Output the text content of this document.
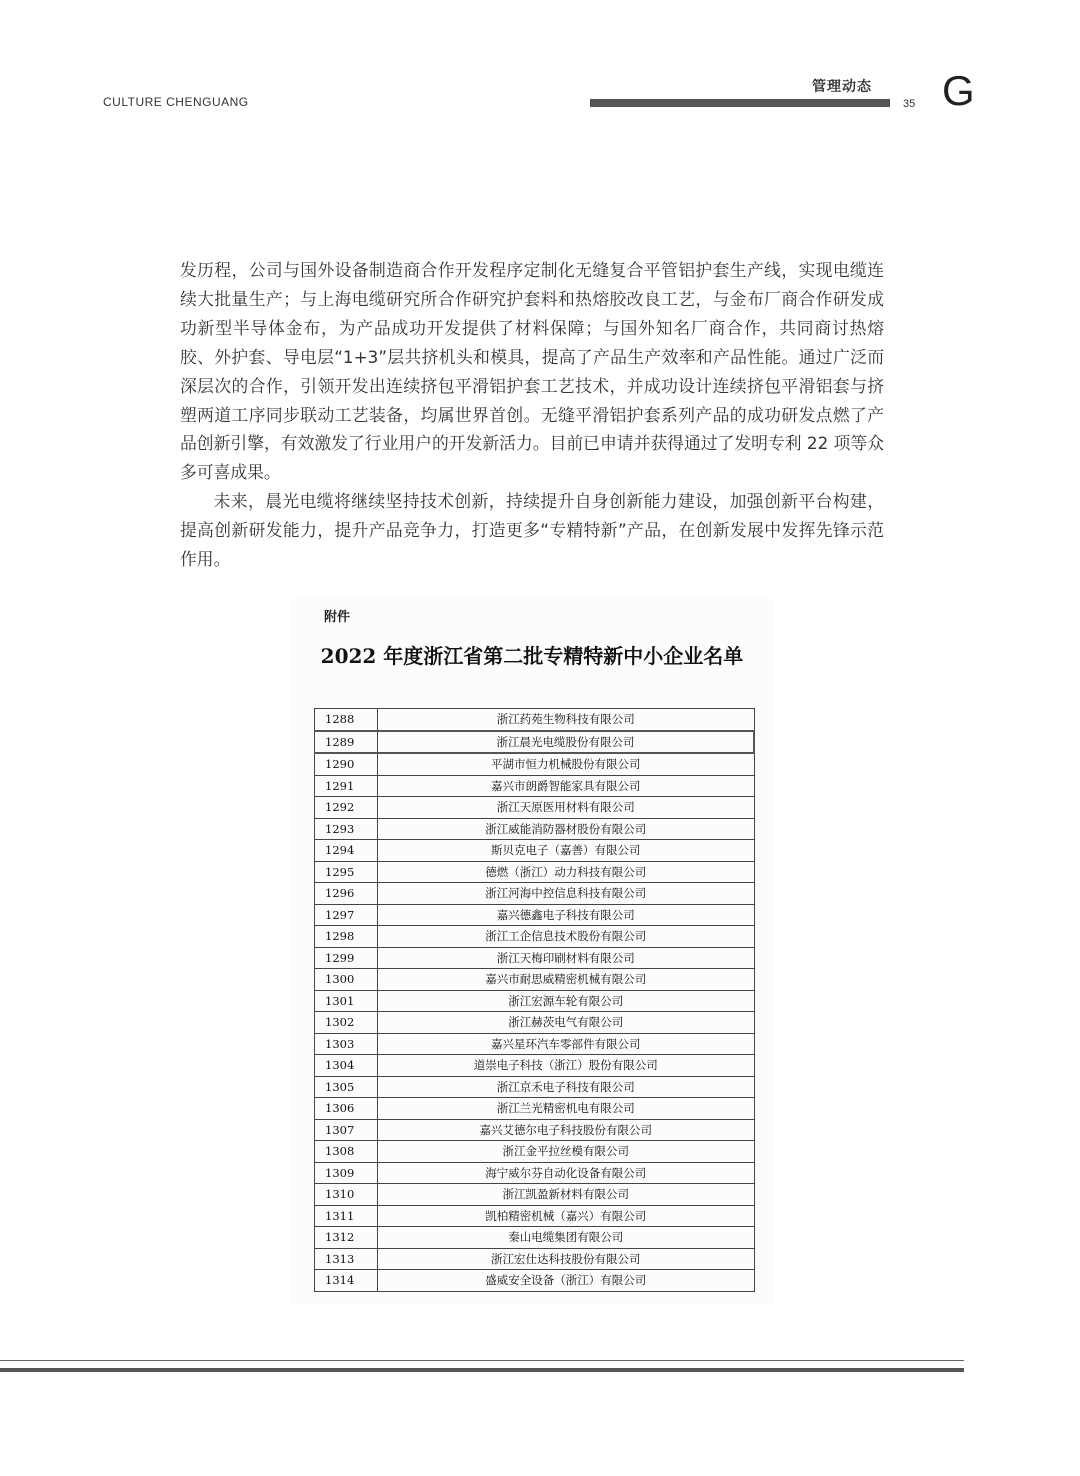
CULTURE CHENGUANG
管理动态
35 G

发历程，公司与国外设备制造商合作开发程序定制化无缝复合平管铝护套生产线，实现电缆连续大批量生产；与上海电缆研究所合作研究护套料和热熔胶改良工艺，与金布厂商合作研发成功新型半导体金布，为产品成功开发提供了材料保障；与国外知名厂商合作，共同商讨热熔胶、外护套、导电层“1+3”层共挤机头和模具，提高了产品生产效率和产品性能。通过广泛而深层次的合作，引领开发出连续挤包平滑铝护套工艺技术，并成功设计连续挤包平滑铝套与挤塑两道工序同步联动工艺装备，均属世界首创。无缝平滑铝护套系列产品的成功研发点燃了产品创新引擎，有效激发了行业用户的开发新活力。目前已申请并获得通过了发明专利 22 项等众多可喜成果。

未来，晨光电缆将继续坚持技术创新，持续提升自身创新能力建设，加强创新平台构建，提高创新研发能力，提升产品竞争力，打造更多“专精特新”产品，在创新发展中发挥先锋示范作用。

附件
2022 年度浙江省第二批专精特新中小企业名单
1288	浙江药苑生物科技有限公司
1289	浙江晨光电缆股份有限公司
1290	平湖市恒力机械股份有限公司
1291	嘉兴市朗爵智能家具有限公司
1292	浙江天原医用材料有限公司
1293	浙江威能消防器材股份有限公司
1294	斯贝克电子（嘉善）有限公司
1295	德燃（浙江）动力科技有限公司
1296	浙江河海中控信息科技有限公司
1297	嘉兴德鑫电子科技有限公司
1298	浙江工企信息技术股份有限公司
1299	浙江天梅印刷材料有限公司
1300	嘉兴市耐思威精密机械有限公司
1301	浙江宏源车轮有限公司
1302	浙江赫茨电气有限公司
1303	嘉兴星环汽车零部件有限公司
1304	道崇电子科技（浙江）股份有限公司
1305	浙江京禾电子科技有限公司
1306	浙江兰光精密机电有限公司
1307	嘉兴艾德尔电子科技股份有限公司
1308	浙江金平拉丝模有限公司
1309	海宁威尔芬自动化设备有限公司
1310	浙江凯盈新材料有限公司
1311	凯柏精密机械（嘉兴）有限公司
1312	秦山电缆集团有限公司
1313	浙江宏仕达科技股份有限公司
1314	盛威安全设备（浙江）有限公司
